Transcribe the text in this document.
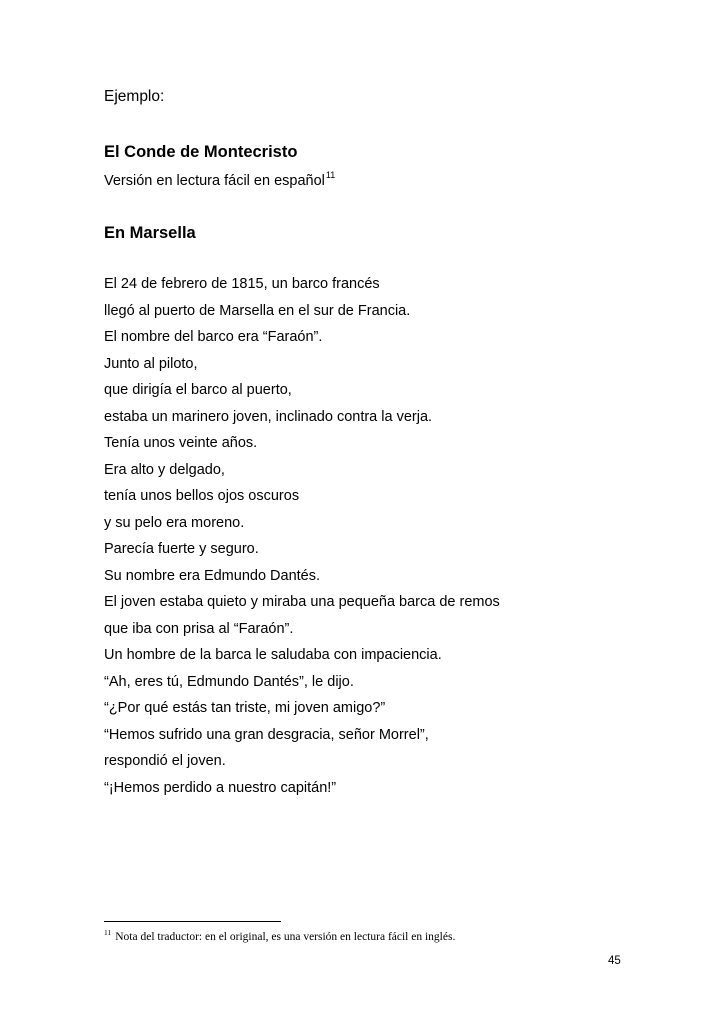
Ejemplo:
El Conde de Montecristo
Versión en lectura fácil en español$^{11}$
En Marsella
El 24 de febrero de 1815, un barco francés
llegó al puerto de Marsella en el sur de Francia.
El nombre del barco era “Faraón”.
Junto al piloto,
que dirigía el barco al puerto,
estaba un marinero joven, inclinado contra la verja.
Tenía unos veinte años.
Era alto y delgado,
tenía unos bellos ojos oscuros
y su pelo era moreno.
Parecía fuerte y seguro.
Su nombre era Edmundo Dantés.
El joven estaba quieto y miraba una pequeña barca de remos
que iba con prisa al “Faraón”.
Un hombre de la barca le saludaba con impaciencia.
“Ah, eres tú, Edmundo Dantés”, le dijo.
“¿Por qué estás tan triste, mi joven amigo?”
“Hemos sufrido una gran desgracia, señor Morrel”,
respondió el joven.
“¡Hemos perdido a nuestro capitán!”
$^{11}$ Nota del traductor: en el original, es una versión en lectura fácil en inglés.
45
